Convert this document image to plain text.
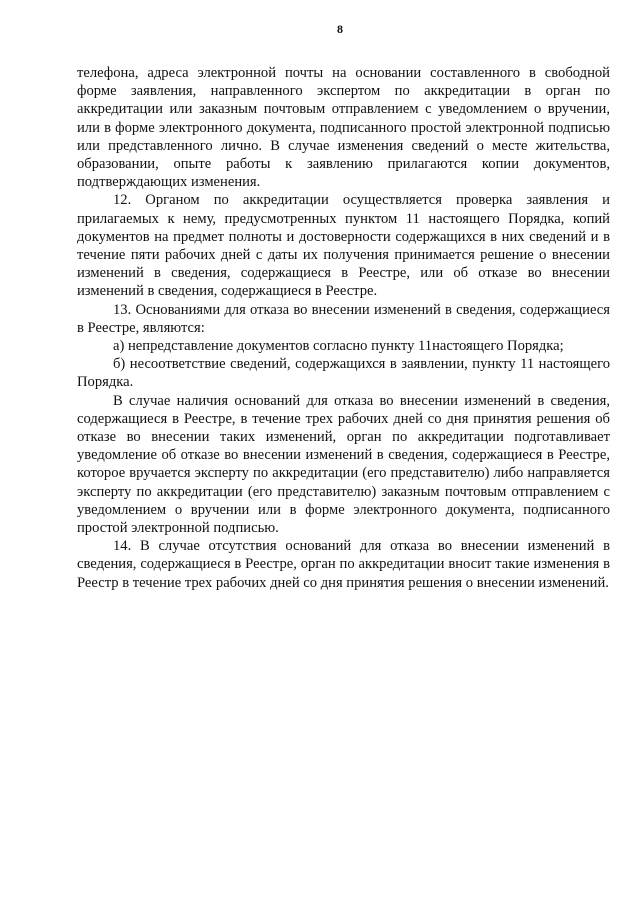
8

телефона, адреса электронной почты на основании составленного в свободной форме заявления, направленного экспертом по аккредитации в орган по аккредитации или заказным почтовым отправлением с уведомлением о вручении, или в форме электронного документа, подписанного простой электронной подписью или представленного лично. В случае изменения сведений о месте жительства, образовании, опыте работы к заявлению прилагаются копии документов, подтверждающих изменения.

12. Органом по аккредитации осуществляется проверка заявления и прилагаемых к нему, предусмотренных пунктом 11 настоящего Порядка, копий документов на предмет полноты и достоверности содержащихся в них сведений и в течение пяти рабочих дней с даты их получения принимается решение о внесении изменений в сведения, содержащиеся в Реестре, или об отказе во внесении изменений в сведения, содержащиеся в Реестре.

13. Основаниями для отказа во внесении изменений в сведения, содержащиеся в Реестре, являются:

а) непредставление документов согласно пункту 11настоящего Порядка;

б) несоответствие сведений, содержащихся в заявлении, пункту 11 настоящего Порядка.

В случае наличия оснований для отказа во внесении изменений в сведения, содержащиеся в Реестре, в течение трех рабочих дней со дня принятия решения об отказе во внесении таких изменений, орган по аккредитации подготавливает уведомление об отказе во внесении изменений в сведения, содержащиеся в Реестре, которое вручается эксперту по аккредитации (его представителю) либо направляется эксперту по аккредитации (его представителю) заказным почтовым отправлением с уведомлением о вручении или в форме электронного документа, подписанного простой электронной подписью.

14. В случае отсутствия оснований для отказа во внесении изменений в сведения, содержащиеся в Реестре, орган по аккредитации вносит такие изменения в Реестр в течение трех рабочих дней со дня принятия решения о внесении изменений.
